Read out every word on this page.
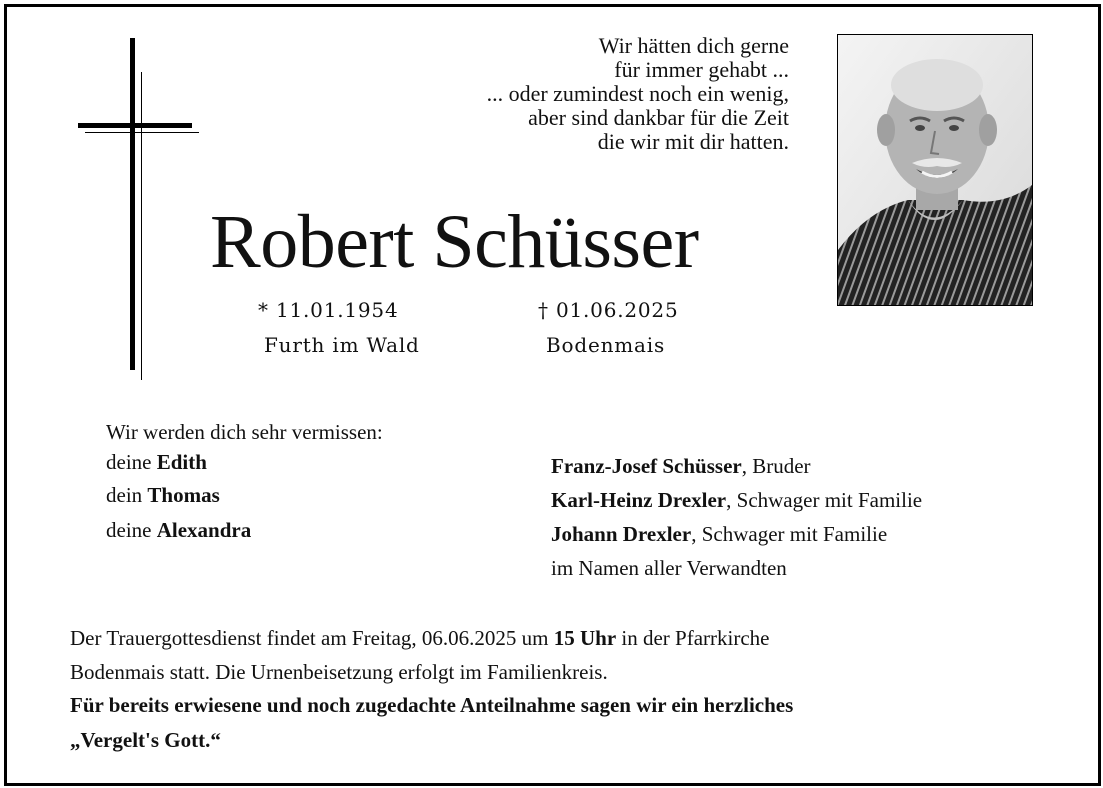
Wir hätten dich gerne
für immer gehabt ...
... oder zumindest noch ein wenig,
aber sind dankbar für die Zeit
die wir mit dir hatten.
Robert Schüsser
* 11.01.1954
Furth im Wald
† 01.06.2025
Bodenmais
Wir werden dich sehr vermissen:
deine Edith
dein Thomas
deine Alexandra
Franz-Josef Schüsser, Bruder
Karl-Heinz Drexler, Schwager mit Familie
Johann Drexler, Schwager mit Familie
im Namen aller Verwandten
Der Trauergottesdienst findet am Freitag, 06.06.2025 um 15 Uhr in der Pfarrkirche
Bodenmais statt. Die Urnenbeisetzung erfolgt im Familienkreis.
Für bereits erwiesene und noch zugedachte Anteilnahme sagen wir ein herzliches
„Vergelt's Gott.“
